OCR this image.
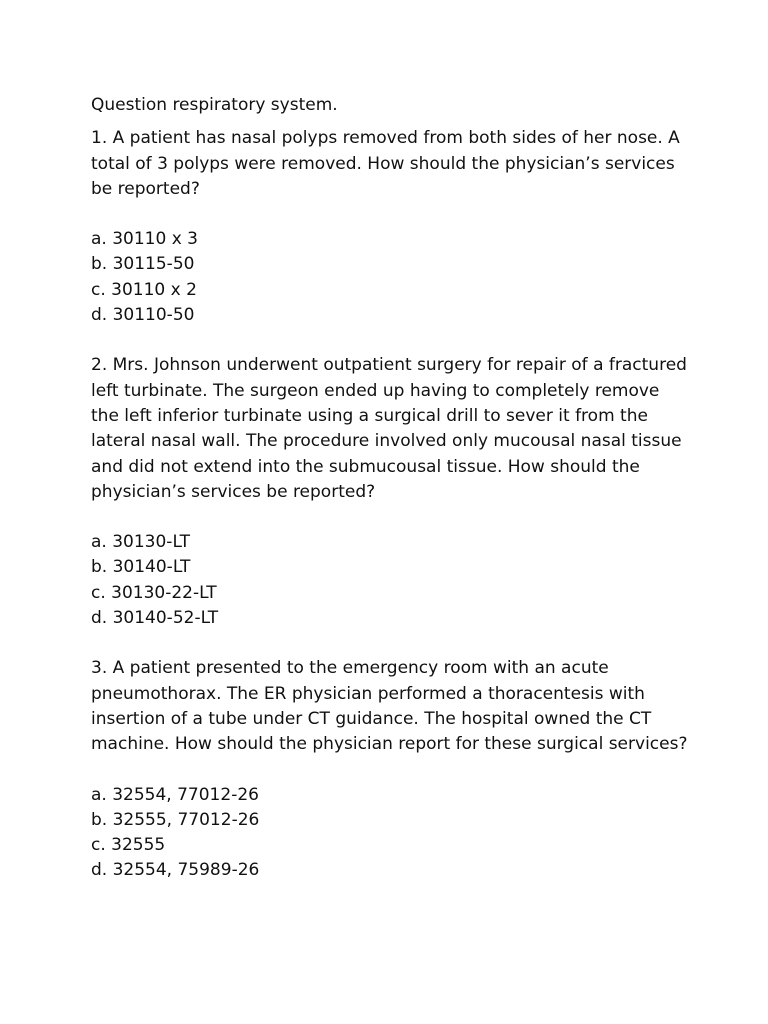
Question respiratory system.

1. A patient has nasal polyps removed from both sides of her nose. A total of 3 polyps were removed. How should the physician’s services be reported?

a. 30110 x 3
b. 30115-50
c. 30110 x 2
d. 30110-50

2. Mrs. Johnson underwent outpatient surgery for repair of a fractured left turbinate. The surgeon ended up having to completely remove the left inferior turbinate using a surgical drill to sever it from the lateral nasal wall. The procedure involved only mucousal nasal tissue and did not extend into the submucousal tissue. How should the physician’s services be reported?

a. 30130-LT
b. 30140-LT
c. 30130-22-LT
d. 30140-52-LT

3. A patient presented to the emergency room with an acute pneumothorax. The ER physician performed a thoracentesis with insertion of a tube under CT guidance. The hospital owned the CT machine. How should the physician report for these surgical services?

a. 32554, 77012-26
b. 32555, 77012-26
c. 32555
d. 32554, 75989-26
